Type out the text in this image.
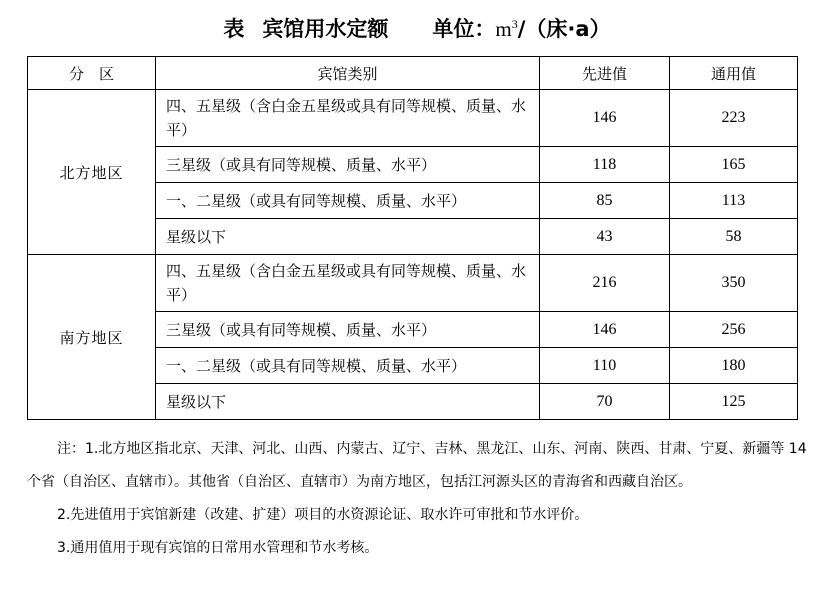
表 宾馆用水定额 单位：$m^3/$（床·a）
分　区	宾馆类别	先进值	通用值
北方地区	四、五星级（含白金五星级或具有同等规模、质量、水平）	146	223
	三星级（或具有同等规模、质量、水平）	118	165
	一、二星级（或具有同等规模、质量、水平）	85	113
	星级以下	43	58
南方地区	四、五星级（含白金五星级或具有同等规模、质量、水平）	216	350
	三星级（或具有同等规模、质量、水平）	146	256
	一、二星级（或具有同等规模、质量、水平）	110	180
	星级以下	70	125

注：1.北方地区指北京、天津、河北、山西、内蒙古、辽宁、吉林、黑龙江、山东、河南、陕西、甘肃、宁夏、新疆等 14 个省（自治区、直辖市）。其他省（自治区、直辖市）为南方地区，包括江河源头区的青海省和西藏自治区。

2.先进值用于宾馆新建（改建、扩建）项目的水资源论证、取水许可审批和节水评价。

3.通用值用于现有宾馆的日常用水管理和节水考核。
